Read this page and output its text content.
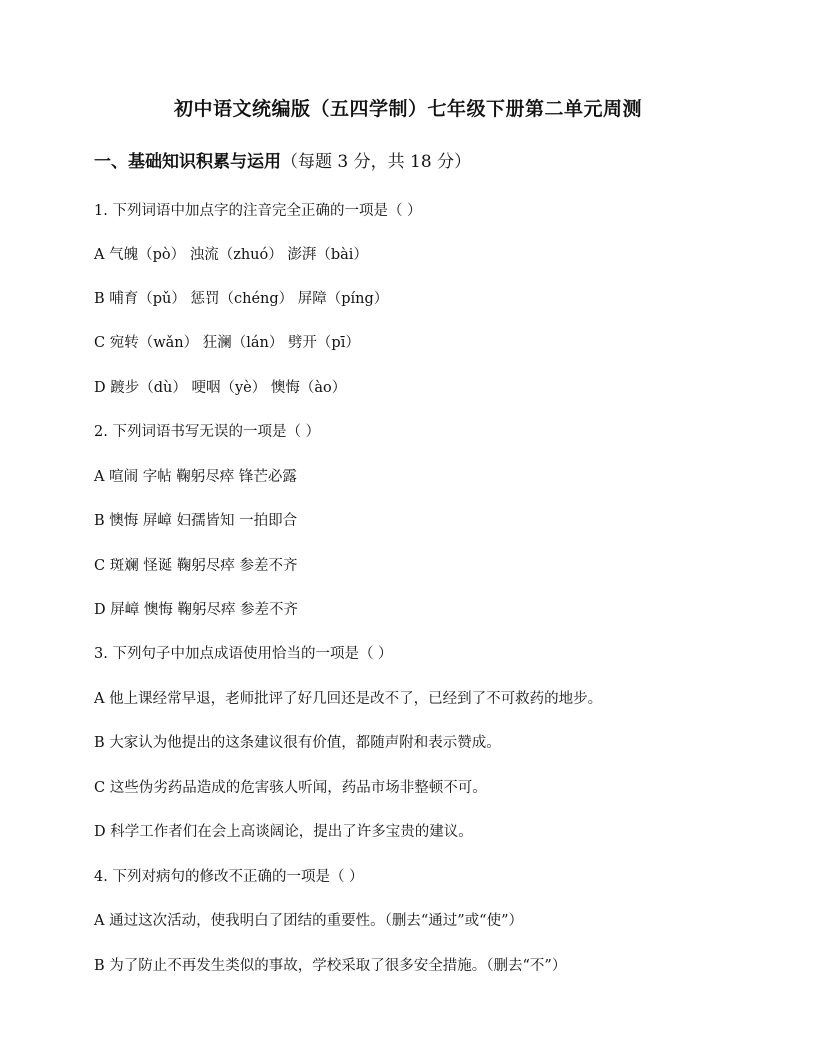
初中语文统编版（五四学制）七年级下册第二单元周测
一、基础知识积累与运用（每题 3 分，共 18 分）

1. 下列词语中加点字的注音完全正确的一项是（ ）

A 气魄（pò） 浊流（zhuó） 澎湃（bài）

B 哺育（pǔ） 惩罚（chéng） 屏障（píng）

C 宛转（wǎn） 狂澜（lán） 劈开（pī）

D 踱步（dù） 哽咽（yè） 懊悔（ào）

2. 下列词语书写无误的一项是（ ）

A 喧闹 字帖 鞠躬尽瘁 锋芒必露

B 懊悔 屏嶂 妇孺皆知 一拍即合

C 斑斓 怪诞 鞠躬尽瘁 参差不齐

D 屏嶂 懊悔 鞠躬尽瘁 参差不齐

3. 下列句子中加点成语使用恰当的一项是（ ）

A 他上课经常早退，老师批评了好几回还是改不了，已经到了不可救药的地步。

B 大家认为他提出的这条建议很有价值，都随声附和表示赞成。

C 这些伪劣药品造成的危害骇人听闻，药品市场非整顿不可。

D 科学工作者们在会上高谈阔论，提出了许多宝贵的建议。

4. 下列对病句的修改不正确的一项是（ ）

A 通过这次活动，使我明白了团结的重要性。（删去“通过”或“使”）

B 为了防止不再发生类似的事故，学校采取了很多安全措施。（删去“不”）
